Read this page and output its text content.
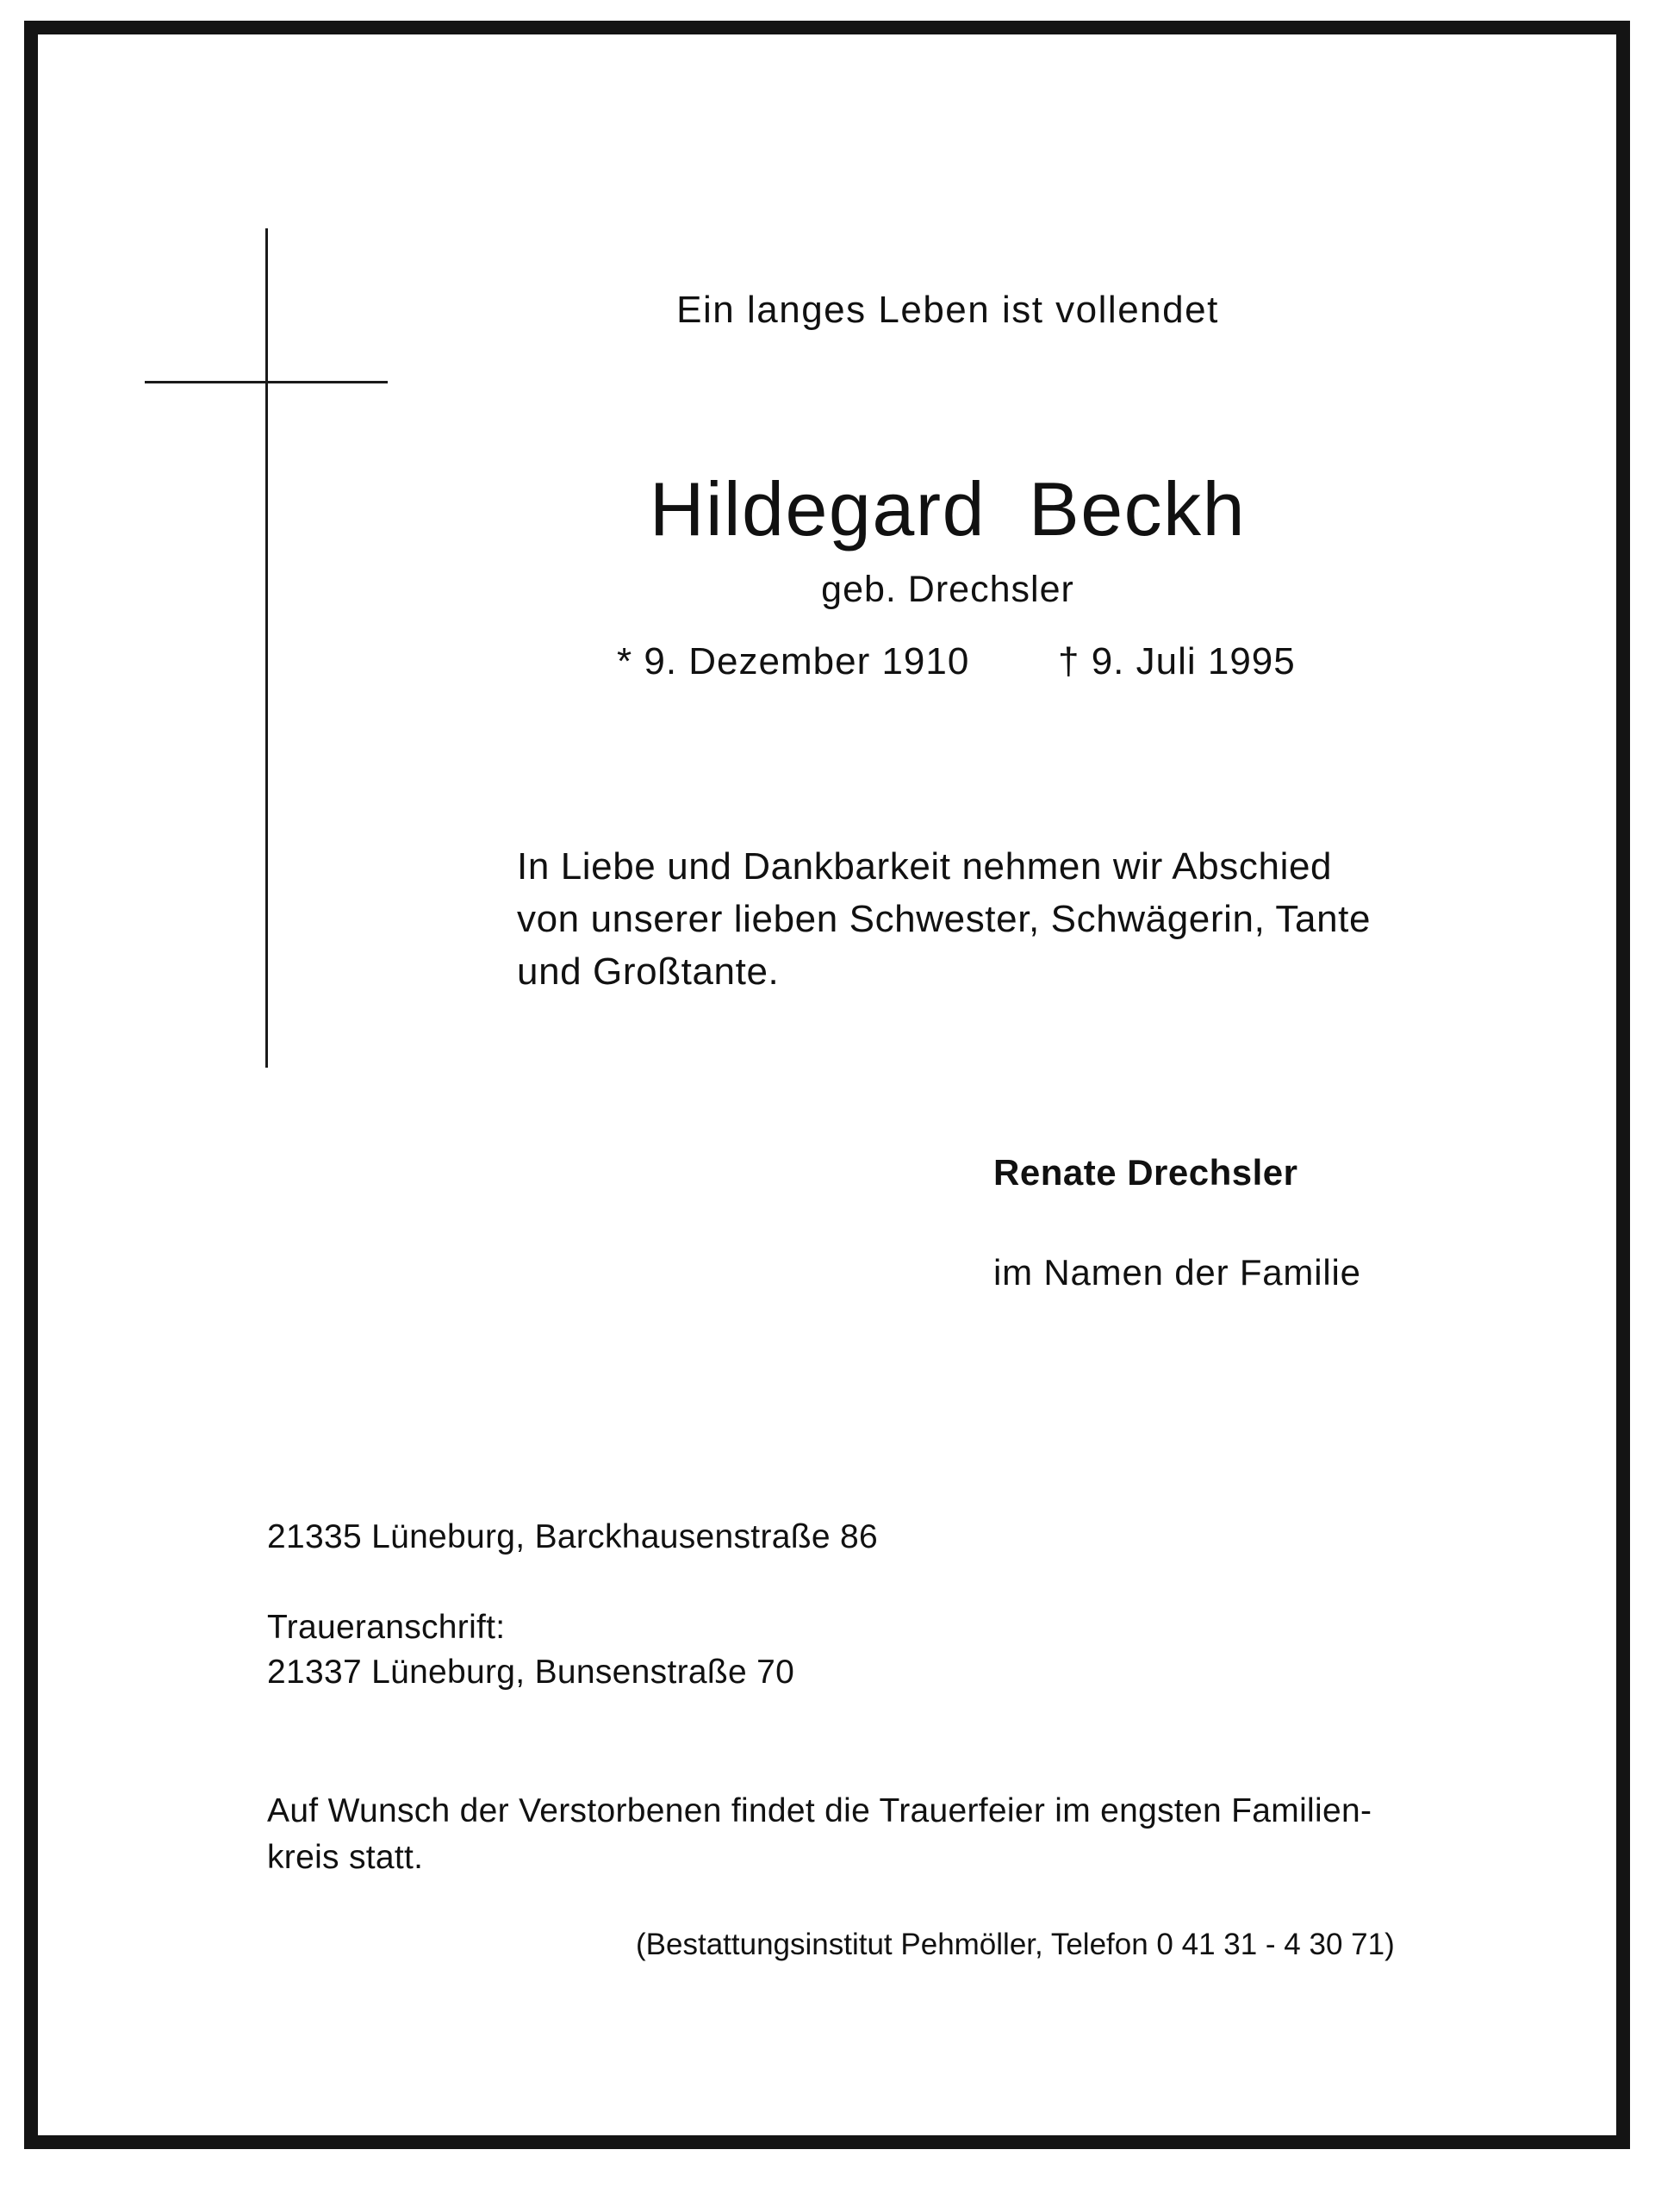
Ein langes Leben ist vollendet

Hildegard Beckh

geb. Drechsler

* 9. Dezember 1910 † 9. Juli 1995

In Liebe und Dankbarkeit nehmen wir Abschied
von unserer lieben Schwester, Schwägerin, Tante
und Großtante.

Renate Drechsler

im Namen der Familie

21335 Lüneburg, Barckhausenstraße 86

Traueranschrift:

21337 Lüneburg, Bunsenstraße 70

Auf Wunsch der Verstorbenen findet die Trauerfeier im engsten Familien-
kreis statt.

(Bestattungsinstitut Pehmöller, Telefon 0 41 31 - 4 30 71)
